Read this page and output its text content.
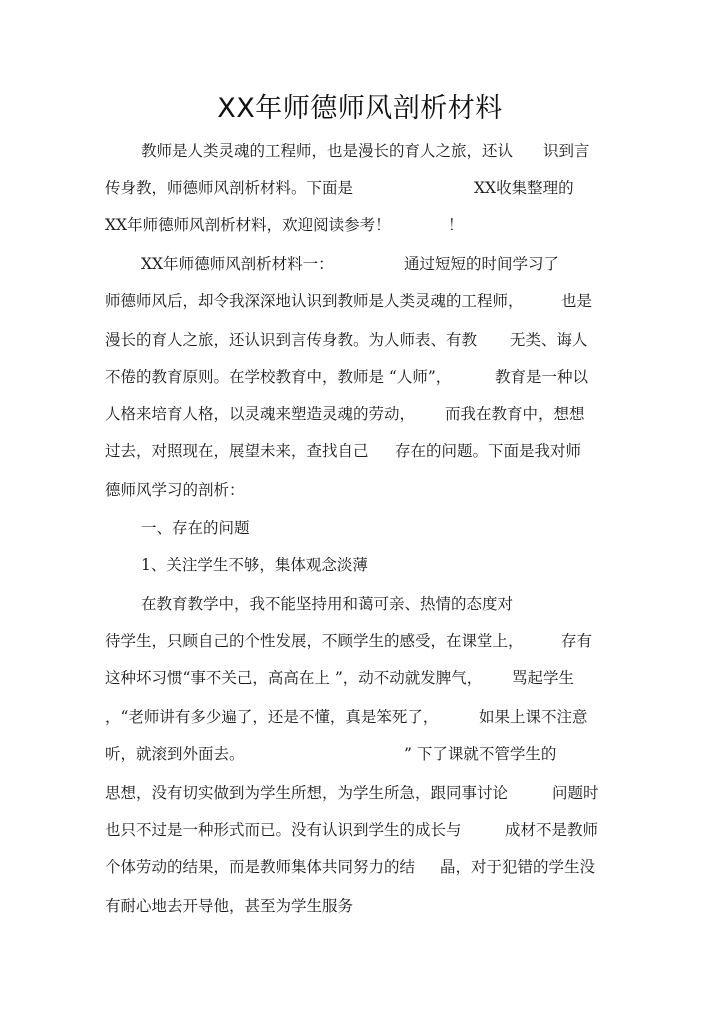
XX年师德师风剖析材料
教师是人类灵魂的工程师，也是漫长的育人之旅，还认 识到言
传身教，师德师风剖析材料。下面是	XX收集整理的
XX年师德师风剖析材料，欢迎阅读参考！	！
XX年师德师风剖析材料一：	通过短短的时间学习了
师德师风后，却令我深深地认识到教师是人类灵魂的工程师， 也是
漫长的育人之旅，还认识到言传身教。为人师表、有教 无类、诲人
不倦的教育原则。在学校教育中，教师是 “人师”，	教育是一种以
人格来培育人格，以灵魂来塑造灵魂的劳动， 而我在教育中，想想
过去，对照现在，展望未来，查找自己 存在的问题。下面是我对师
德师风学习的剖析：
一、存在的问题
1、关注学生不够，集体观念淡薄
在教育教学中，我不能坚持用和蔼可亲、热情的态度对
待学生，只顾自己的个性发展，不顾学生的感受，在课堂上， 存有
这种坏习惯“事不关己，高高在上 ”，动不动就发脾气， 骂起学生
，“老师讲有多少遍了，还是不懂，真是笨死了，	如果上课不注意
听，就滚到外面去。	” 下了课就不管学生的
思想，没有切实做到为学生所想，为学生所急，跟同事讨论	问题时
也只不过是一种形式而已。没有认识到学生的成长与	成材不是教师
个体劳动的结果，而是教师集体共同努力的结 晶，对于犯错的学生没
有耐心地去开导他，甚至为学生服务
